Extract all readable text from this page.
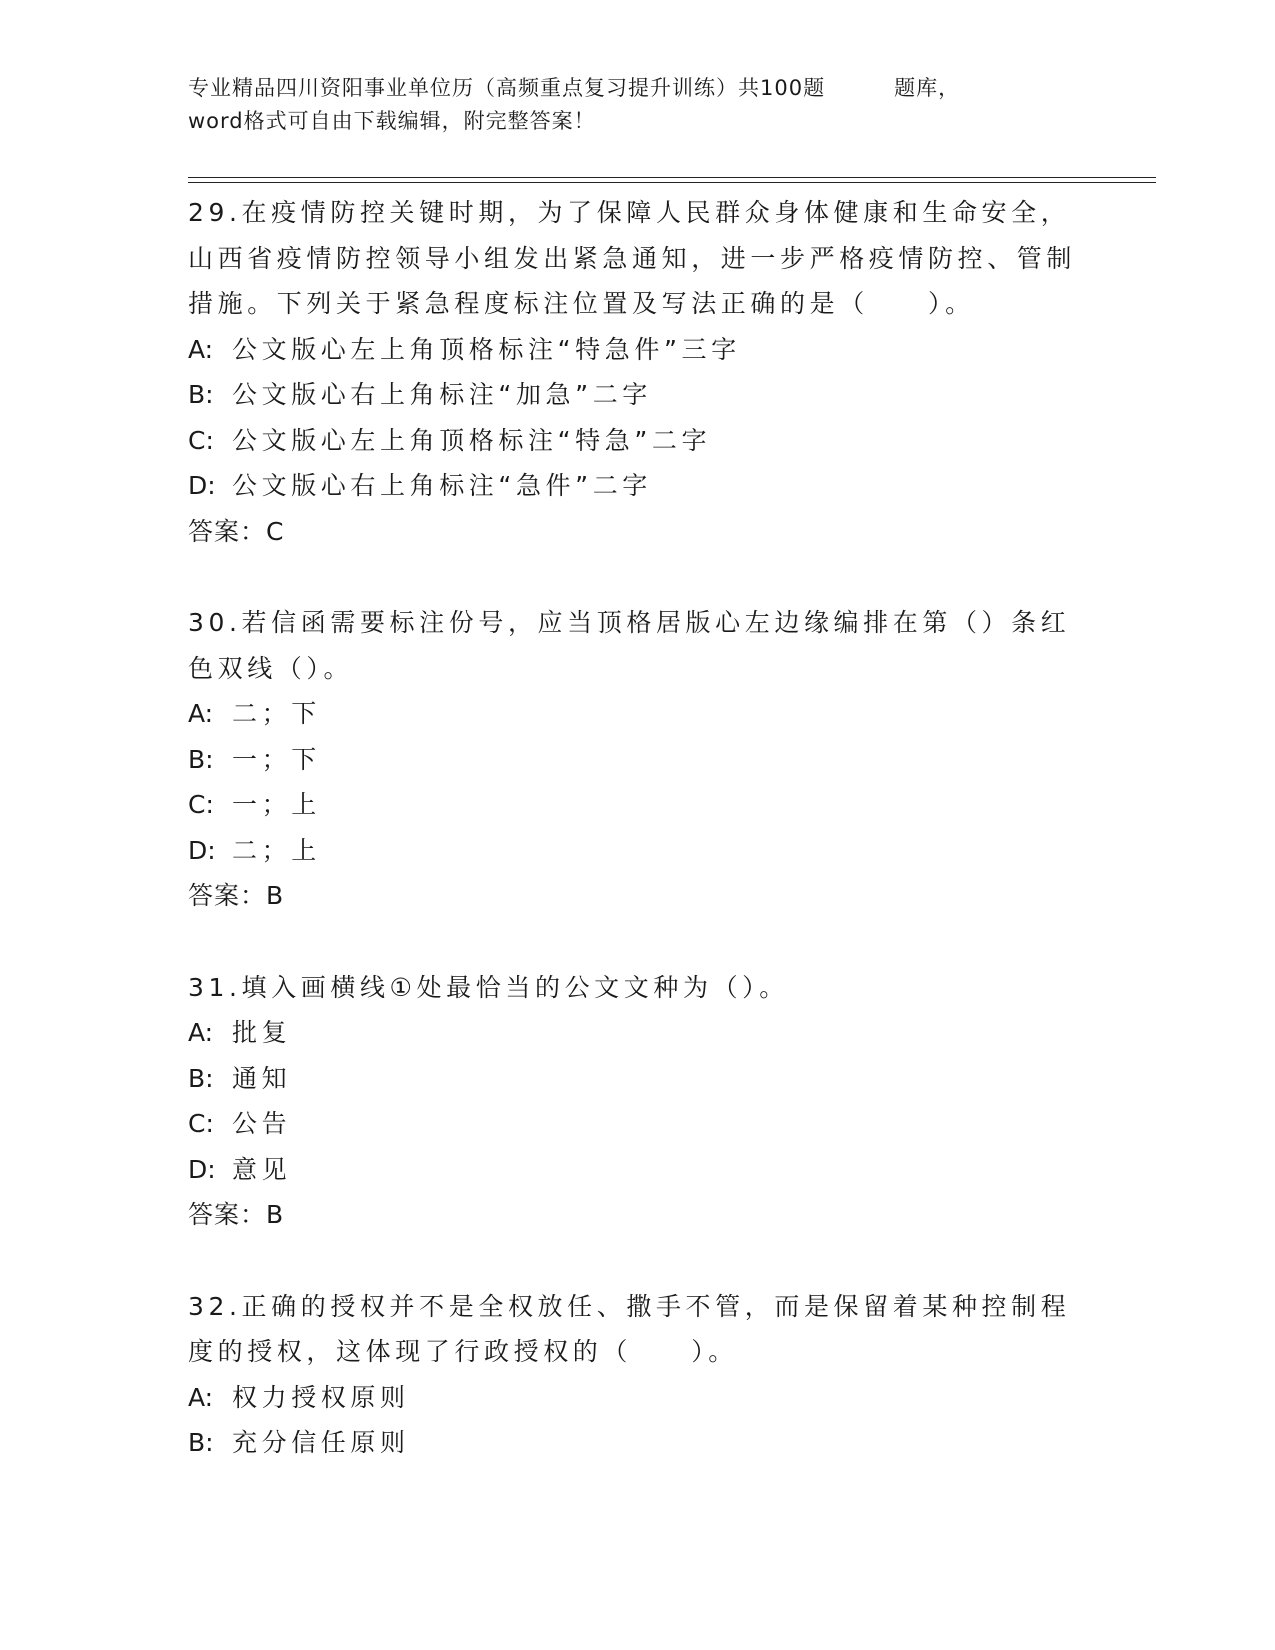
专业精品四川资阳事业单位历（高频重点复习提升训练）共100题         题库，
word格式可自由下载编辑，附完整答案！

29.在疫情防控关键时期，为了保障人民群众身体健康和生命安全，山西省疫情防控领导小组发出紧急通知，进一步严格疫情防控、管制措施。下列关于紧急程度标注位置及写法正确的是（　　）。

A: 公文版心左上角顶格标注“特急件”三字

B: 公文版心右上角标注“加急”二字

C: 公文版心左上角顶格标注“特急”二字

D: 公文版心右上角标注“急件”二字

答案：C

30.若信函需要标注份号，应当顶格居版心左边缘编排在第（）条红色双线（）。

A: 二；下

B: 一；下

C: 一；上

D: 二；上

答案：B

31.填入画横线①处最恰当的公文文种为（）。

A: 批复

B: 通知

C: 公告

D: 意见

答案：B

32.正确的授权并不是全权放任、撒手不管，而是保留着某种控制程度的授权，这体现了行政授权的（　　）。

A: 权力授权原则

B: 充分信任原则
